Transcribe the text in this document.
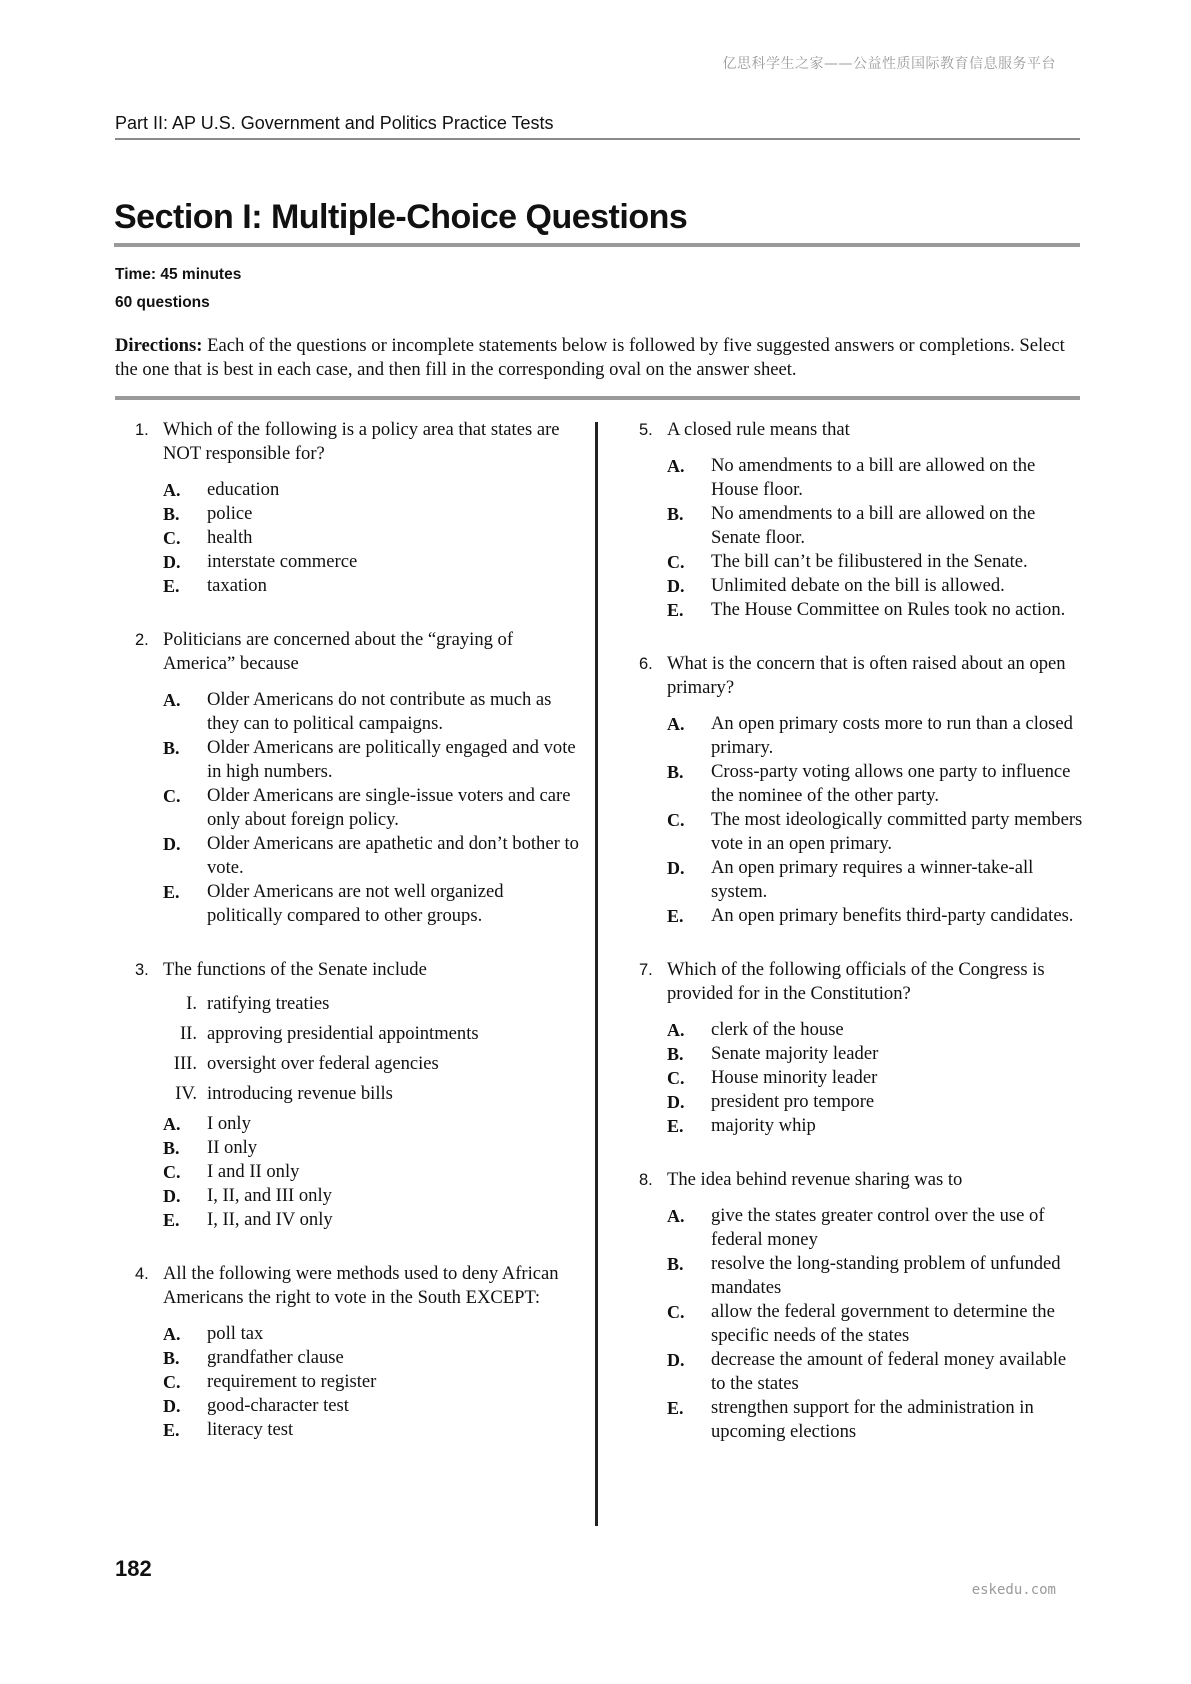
亿思科学生之家——公益性质国际教育信息服务平台
Part II: AP U.S. Government and Politics Practice Tests
Section I: Multiple-Choice Questions
Time: 45 minutes
60 questions
Directions: Each of the questions or incomplete statements below is followed by five suggested answers or completions. Select the one that is best in each case, and then fill in the corresponding oval on the answer sheet.
1. Which of the following is a policy area that states are NOT responsible for?
A. education
B. police
C. health
D. interstate commerce
E. taxation
2. Politicians are concerned about the “graying of America” because
A. Older Americans do not contribute as much as they can to political campaigns.
B. Older Americans are politically engaged and vote in high numbers.
C. Older Americans are single-issue voters and care only about foreign policy.
D. Older Americans are apathetic and don’t bother to vote.
E. Older Americans are not well organized politically compared to other groups.
3. The functions of the Senate include
I. ratifying treaties
II. approving presidential appointments
III. oversight over federal agencies
IV. introducing revenue bills
A. I only
B. II only
C. I and II only
D. I, II, and III only
E. I, II, and IV only
4. All the following were methods used to deny African Americans the right to vote in the South EXCEPT:
A. poll tax
B. grandfather clause
C. requirement to register
D. good-character test
E. literacy test
5. A closed rule means that
A. No amendments to a bill are allowed on the House floor.
B. No amendments to a bill are allowed on the Senate floor.
C. The bill can’t be filibustered in the Senate.
D. Unlimited debate on the bill is allowed.
E. The House Committee on Rules took no action.
6. What is the concern that is often raised about an open primary?
A. An open primary costs more to run than a closed primary.
B. Cross-party voting allows one party to influence the nominee of the other party.
C. The most ideologically committed party members vote in an open primary.
D. An open primary requires a winner-take-all system.
E. An open primary benefits third-party candidates.
7. Which of the following officials of the Congress is provided for in the Constitution?
A. clerk of the house
B. Senate majority leader
C. House minority leader
D. president pro tempore
E. majority whip
8. The idea behind revenue sharing was to
A. give the states greater control over the use of federal money
B. resolve the long-standing problem of unfunded mandates
C. allow the federal government to determine the specific needs of the states
D. decrease the amount of federal money available to the states
E. strengthen support for the administration in upcoming elections
182
eskedu.com
